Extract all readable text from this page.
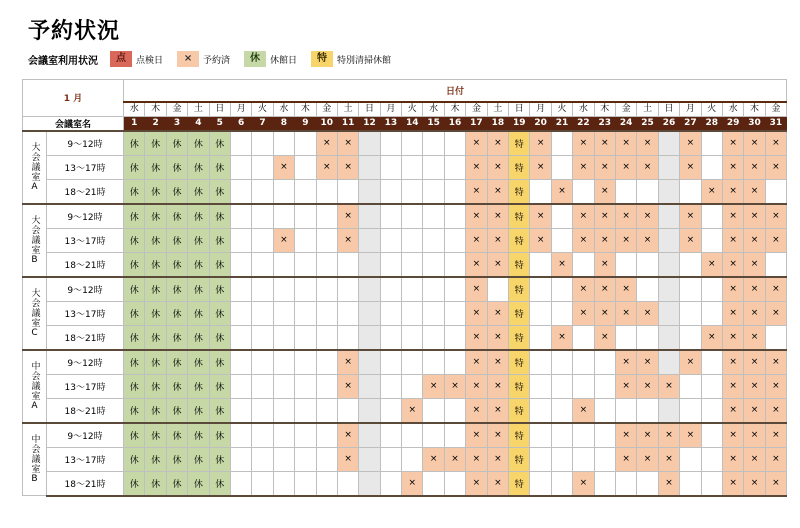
予約状況
会議室利用状況	点	点検日	×	予約済	休	休館日	特	特別清掃休館
1 月		日付																														
		水	木	金	土	日	月	火	水	木	金	土	日	月	火	水	木	金	土	日	月	火	水	木	金	土	日	月	火	水	木	金
会議室名		1	2	3	4	5	6	7	8	9	10	11	12	13	14	15	16	17	18	19	20	21	22	23	24	25	26	27	28	29	30	31
大会議室A	9〜12時	休	休	休	休	休					×	×						×	×	特	×		×	×	×	×		×		×	×	×
	13〜17時	休	休	休	休	休			×		×	×						×	×	特	×		×	×	×	×		×		×	×	×
	18〜21時	休	休	休	休	休												×	×	特		×		×					×	×	×	
大会議室B	9〜12時	休	休	休	休	休						×						×	×	特	×		×	×	×	×		×		×	×	×
	13〜17時	休	休	休	休	休			×			×						×	×	特	×		×	×	×	×		×		×	×	×
	18〜21時	休	休	休	休	休												×	×	特		×		×					×	×	×	
大会議室C	9〜12時	休	休	休	休	休												×		特			×	×	×					×	×	×
	13〜17時	休	休	休	休	休												×	×	特			×	×	×	×				×	×	×
	18〜21時	休	休	休	休	休												×	×	特		×		×					×	×	×	
中会議室A	9〜12時	休	休	休	休	休						×						×	×	特					×	×		×		×	×	×
	13〜17時	休	休	休	休	休						×				×	×	×	×	特					×	×	×			×	×	×
	18〜21時	休	休	休	休	休									×			×	×	特			×							×	×	×
中会議室B	9〜12時	休	休	休	休	休						×						×	×	特					×	×	×	×		×	×	×
	13〜17時	休	休	休	休	休						×				×	×	×	×	特					×	×	×			×	×	×
	18〜21時	休	休	休	休	休									×			×	×	特			×				×			×	×	×
